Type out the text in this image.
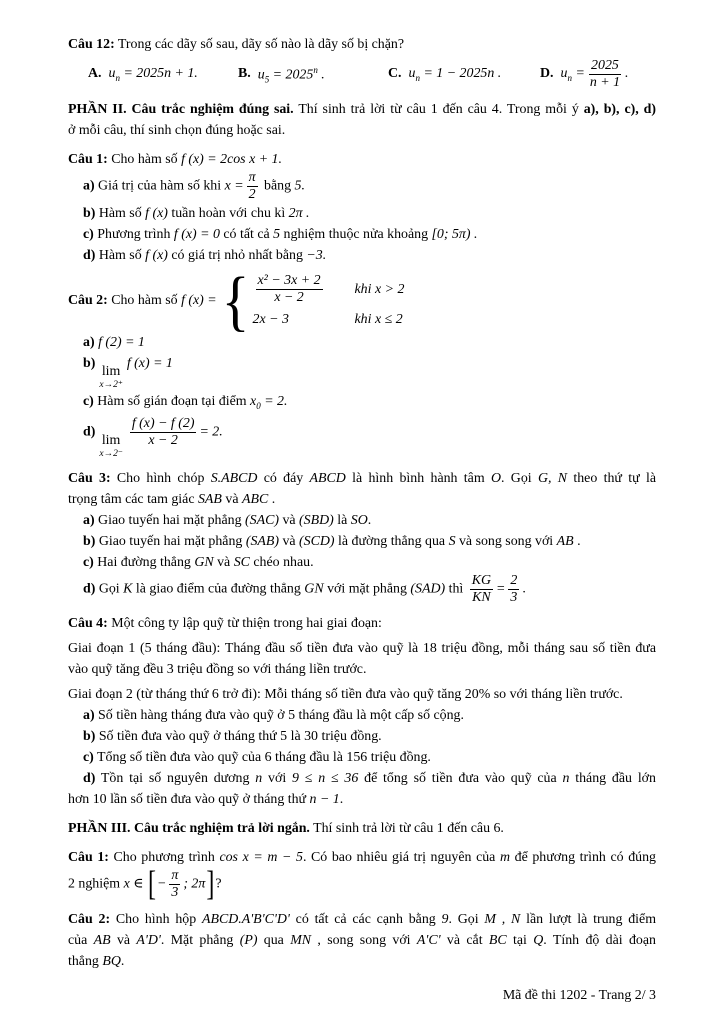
Câu 12: Trong các dãy số sau, dãy số nào là dãy số bị chặn?

A. $u_n = 2025n + 1$.	B. $u_5 = 2025^n$ .	C. $u_n = 1 - 2025n$ .	D. $u_n = \frac{2025}{n + 1}$ .

PHẦN II. Câu trắc nghiệm đúng sai. Thí sinh trả lời từ câu 1 đến câu 4. Trong mỗi ý a), b), c), d)

ở mỗi câu, thí sinh chọn đúng hoặc sai.

Câu 1: Cho hàm số f (x) = 2cos x + 1.

a) Giá trị của hàm số khi $x = \frac{\pi}{2}$ bằng 5.

b) Hàm số f (x) tuần hoàn với chu kì 2π .

c) Phương trình f (x) = 0 có tất cả 5 nghiệm thuộc nửa khoảng [0; 5π) .

d) Hàm số f (x) có giá trị nhỏ nhất bằng −3.

Câu 2: Cho hàm số f (x) = { $\frac{\text{x² − 3x + 2}}{x - 2}$ khi x > 2
2x − 3	khi x ≤ 2

a) f (2) = 1

b)
lim
x→2⁺
f (x) = 1

c) Hàm số gián đoạn tại điểm $x_0 = 2$.

d)
lim
x→2⁻
$\frac{f (x) - f (2)}{x - 2} = 2$.

Câu 3: Cho hình chóp S.ABCD có đáy ABCD là hình bình hành tâm O. Gọi G, N theo thứ tự là

trọng tâm các tam giác SAB và ABC .

a) Giao tuyến hai mặt phẳng (SAC) và (SBD) là SO.

b) Giao tuyến hai mặt phẳng (SAB) và (SCD) là đường thẳng qua S và song song với AB .

c) Hai đường thẳng GN và SC chéo nhau.

d) Gọi K là giao điểm của đường thẳng GN với mặt phẳng (SAD) thì $\frac{KG}{KN} = \frac{2}{3}$ .

Câu 4: Một công ty lập quỹ từ thiện trong hai giai đoạn:

Giai đoạn 1 (5 tháng đầu): Tháng đầu số tiền đưa vào quỹ là 18 triệu đồng, mỗi tháng sau số tiền đưa

vào quỹ tăng đều 3 triệu đồng so với tháng liền trước.

Giai đoạn 2 (từ tháng thứ 6 trở đi): Mỗi tháng số tiền đưa vào quỹ tăng 20% so với tháng liền trước.

a) Số tiền hàng tháng đưa vào quỹ ở 5 tháng đầu là một cấp số cộng.

b) Số tiền đưa vào quỹ ở tháng thứ 5 là 30 triệu đồng.

c) Tổng số tiền đưa vào quỹ của 6 tháng đầu là 156 triệu đồng.

d) Tồn tại số nguyên dương n với 9 ≤ n ≤ 36 để tổng số tiền đưa vào quỹ của n tháng đầu lớn

hơn 10 lần số tiền đưa vào quỹ ở tháng thứ n − 1.

PHẦN III. Câu trắc nghiệm trả lời ngắn. Thí sinh trả lời từ câu 1 đến câu 6.

Câu 1: Cho phương trình cos x = m − 5. Có bao nhiêu giá trị nguyên của m để phương trình có đúng

2 nghiệm x ∈ [− $\frac{\pi}{3}$ ; 2π]?

Câu 2: Cho hình hộp ABCD.A'B'C'D' có tất cả các cạnh bằng 9. Gọi M , N lần lượt là trung điểm

của AB và A'D'. Mặt phẳng (P) qua MN , song song với A'C' và cắt BC tại Q. Tính độ dài đoạn

thẳng BQ.

Mã đề thi 1202 - Trang 2/ 3
